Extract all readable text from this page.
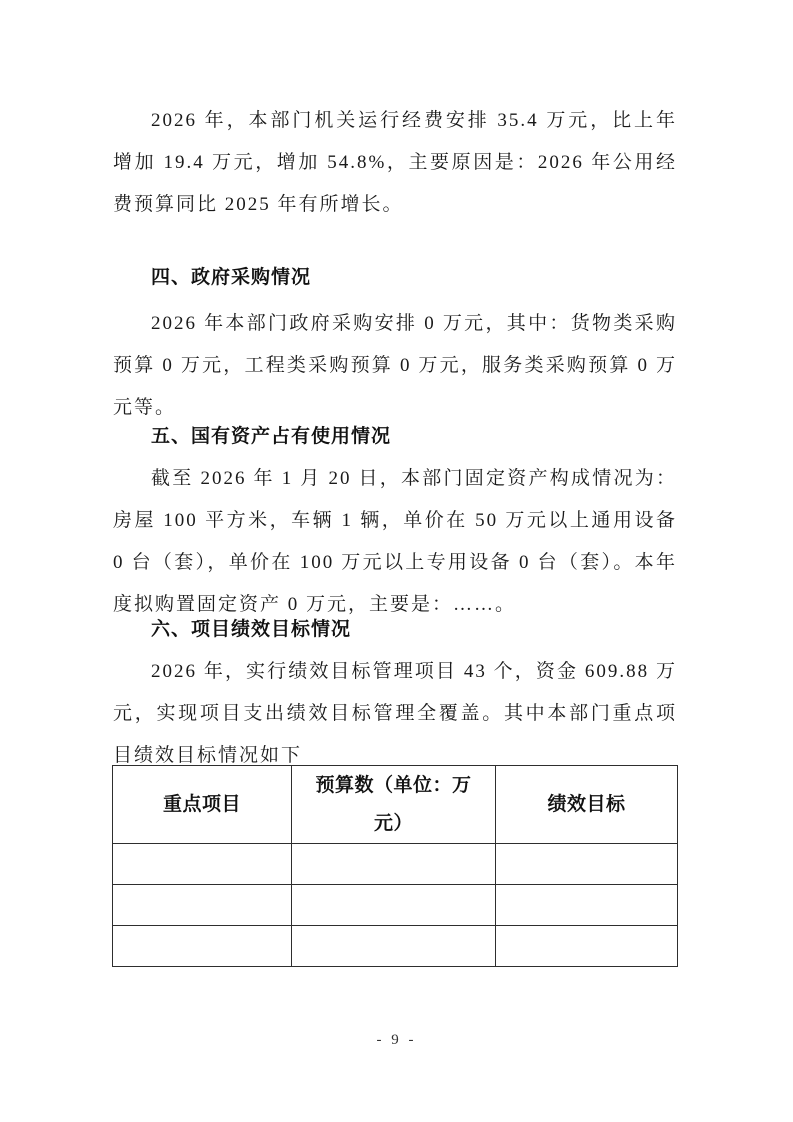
2026 年，本部门机关运行经费安排 35.4 万元，比上年增加 19.4 万元，增加 54.8%，主要原因是：2026 年公用经费预算同比 2025 年有所增长。

四、政府采购情况

2026 年本部门政府采购安排 0 万元，其中：货物类采购预算 0 万元，工程类采购预算 0 万元，服务类采购预算 0 万元等。

五、国有资产占有使用情况

截至 2026 年 1 月 20 日，本部门固定资产构成情况为：房屋 100 平方米，车辆 1 辆，单价在 50 万元以上通用设备 0 台（套），单价在 100 万元以上专用设备 0 台（套）。本年度拟购置固定资产 0 万元，主要是：……。

六、项目绩效目标情况

2026 年，实行绩效目标管理项目 43 个，资金 609.88 万元，实现项目支出绩效目标管理全覆盖。其中本部门重点项目绩效目标情况如下

重点项目	预算数（单位：万元）	绩效目标

- 9 -
